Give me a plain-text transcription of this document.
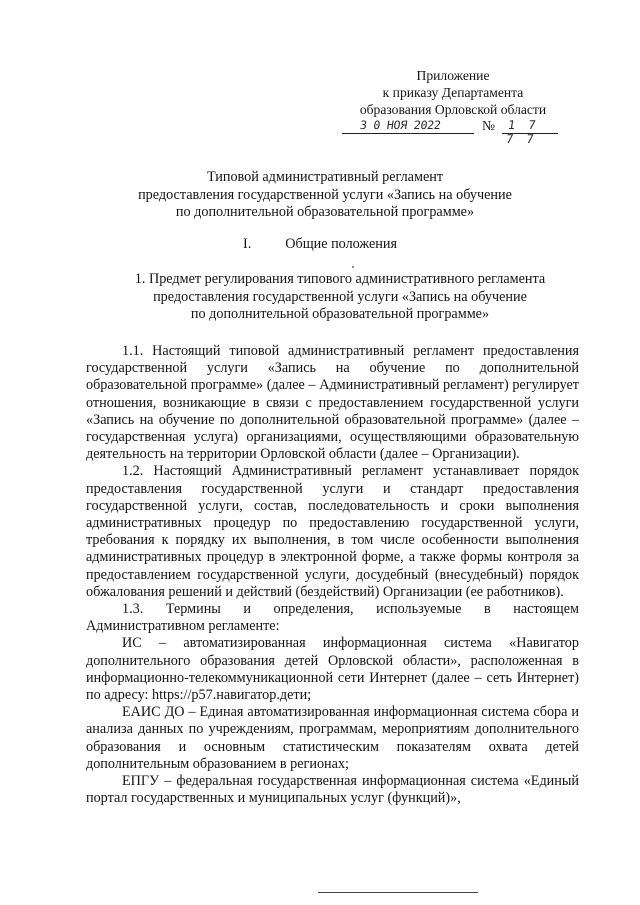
Приложение
к приказу Департамента
образования Орловской области
3 0 НОЯ 2022	№ 1 7 7 7
Типовой административный регламент
предоставления государственной услуги «Запись на обучение
по дополнительной образовательной программе»
I. Общие положения
1. Предмет регулирования типового административного регламента
предоставления государственной услуги «Запись на обучение
по дополнительной образовательной программе»

1.1. Настоящий типовой административный регламент предоставления государственной услуги «Запись на обучение по дополнительной образовательной программе» (далее – Административный регламент) регулирует отношения, возникающие в связи с предоставлением государственной услуги «Запись на обучение по дополнительной образовательной программе» (далее – государственная услуга) организациями, осуществляющими образовательную деятельность на территории Орловской области (далее – Организации).

1.2. Настоящий Административный регламент устанавливает порядок предоставления государственной услуги и стандарт предоставления государственной услуги, состав, последовательность и сроки выполнения административных процедур по предоставлению государственной услуги, требования к порядку их выполнения, в том числе особенности выполнения административных процедур в электронной форме, а также формы контроля за предоставлением государственной услуги, досудебный (внесудебный) порядок обжалования решений и действий (бездействий) Организации (ее работников).

1.3. Термины и определения, используемые в настоящем Административном регламенте:

ИС – автоматизированная информационная система «Навигатор дополнительного образования детей Орловской области», расположенная в информационно-телекоммуникационной сети Интернет (далее – сеть Интернет) по адресу: https://p57.навигатор.дети;

ЕАИС ДО – Единая автоматизированная информационная система сбора и анализа данных по учреждениям, программам, мероприятиям дополнительного образования и основным статистическим показателям охвата детей дополнительным образованием в регионах;

ЕПГУ – федеральная государственная информационная система «Единый портал государственных и муниципальных услуг (функций)»,
